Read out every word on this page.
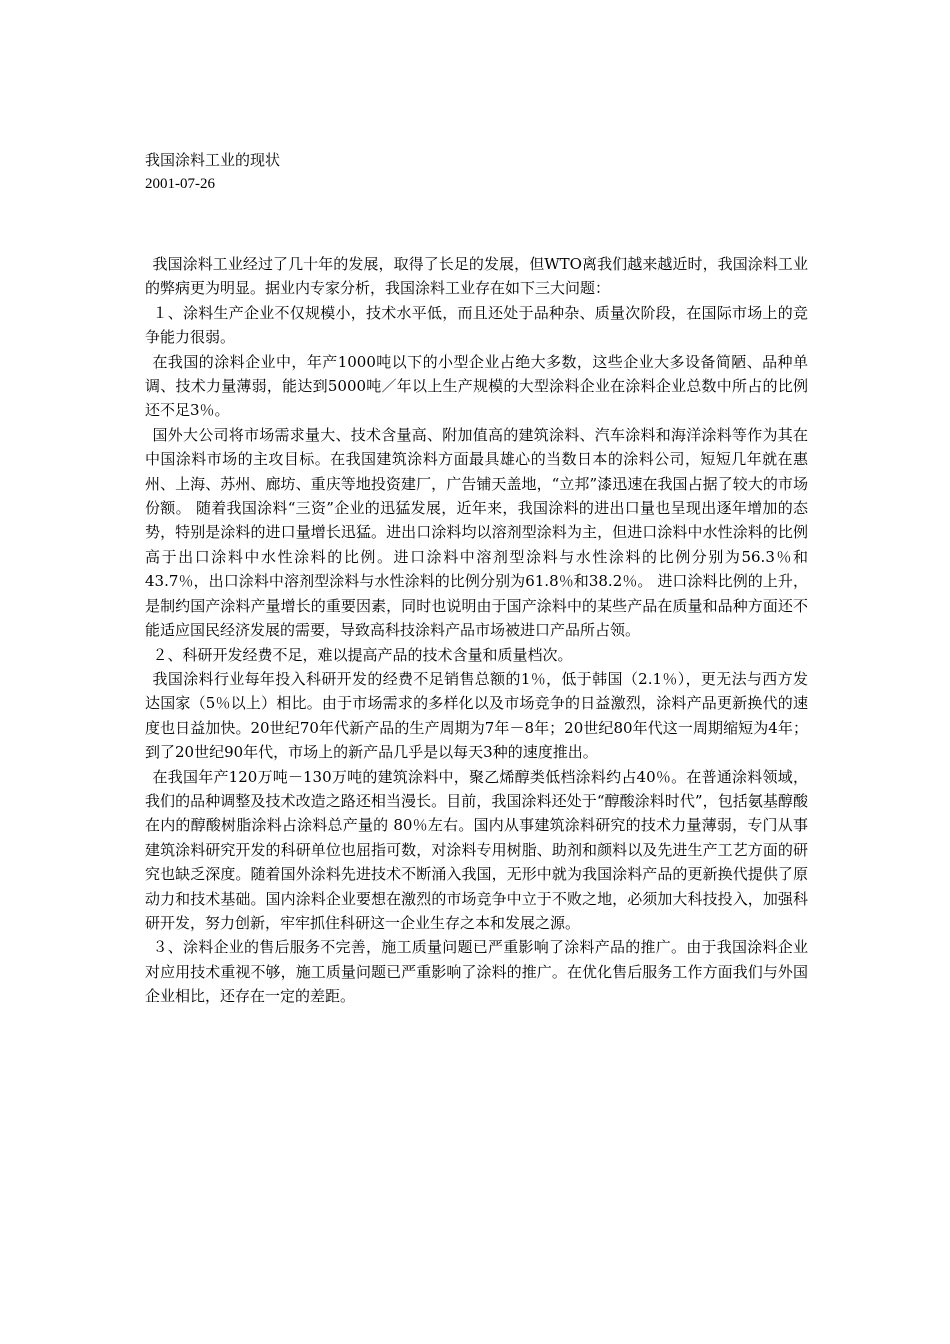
我国涂料工业的现状
2001-07-26

我国涂料工业经过了几十年的发展，取得了长足的发展，但WTO离我们越来越近时，我国涂料工业的弊病更为明显。据业内专家分析，我国涂料工业存在如下三大问题：

１、涂料生产企业不仅规模小，技术水平低，而且还处于品种杂、质量次阶段，在国际市场上的竞争能力很弱。

在我国的涂料企业中，年产1000吨以下的小型企业占绝大多数，这些企业大多设备简陋、品种单调、技术力量薄弱，能达到5000吨／年以上生产规模的大型涂料企业在涂料企业总数中所占的比例还不足3％。

国外大公司将市场需求量大、技术含量高、附加值高的建筑涂料、汽车涂料和海洋涂料等作为其在中国涂料市场的主攻目标。在我国建筑涂料方面最具雄心的当数日本的涂料公司，短短几年就在惠州、上海、苏州、廊坊、重庆等地投资建厂，广告铺天盖地，“立邦”漆迅速在我国占据了较大的市场份额。 随着我国涂料“三资”企业的迅猛发展，近年来，我国涂料的进出口量也呈现出逐年增加的态势，特别是涂料的进口量增长迅猛。进出口涂料均以溶剂型涂料为主，但进口涂料中水性涂料的比例高于出口涂料中水性涂料的比例。进口涂料中溶剂型涂料与水性涂料的比例分别为56.3％和43.7％，出口涂料中溶剂型涂料与水性涂料的比例分别为61.8％和38.2％。 进口涂料比例的上升，是制约国产涂料产量增长的重要因素，同时也说明由于国产涂料中的某些产品在质量和品种方面还不能适应国民经济发展的需要，导致高科技涂料产品市场被进口产品所占领。

２、科研开发经费不足，难以提高产品的技术含量和质量档次。

我国涂料行业每年投入科研开发的经费不足销售总额的1％，低于韩国（2.1％），更无法与西方发达国家（5％以上）相比。由于市场需求的多样化以及市场竞争的日益激烈，涂料产品更新换代的速度也日益加快。20世纪70年代新产品的生产周期为7年－8年；20世纪80年代这一周期缩短为4年；到了20世纪90年代，市场上的新产品几乎是以每天3种的速度推出。

在我国年产120万吨－130万吨的建筑涂料中，聚乙烯醇类低档涂料约占40％。在普通涂料领域，我们的品种调整及技术改造之路还相当漫长。目前，我国涂料还处于“醇酸涂料时代”，包括氨基醇酸在内的醇酸树脂涂料占涂料总产量的 80％左右。国内从事建筑涂料研究的技术力量薄弱，专门从事建筑涂料研究开发的科研单位也屈指可数，对涂料专用树脂、助剂和颜料以及先进生产工艺方面的研究也缺乏深度。随着国外涂料先进技术不断涌入我国，无形中就为我国涂料产品的更新换代提供了原动力和技术基础。国内涂料企业要想在激烈的市场竞争中立于不败之地，必须加大科技投入，加强科研开发，努力创新，牢牢抓住科研这一企业生存之本和发展之源。

３、涂料企业的售后服务不完善，施工质量问题已严重影响了涂料产品的推广。由于我国涂料企业对应用技术重视不够，施工质量问题已严重影响了涂料的推广。在优化售后服务工作方面我们与外国企业相比，还存在一定的差距。
